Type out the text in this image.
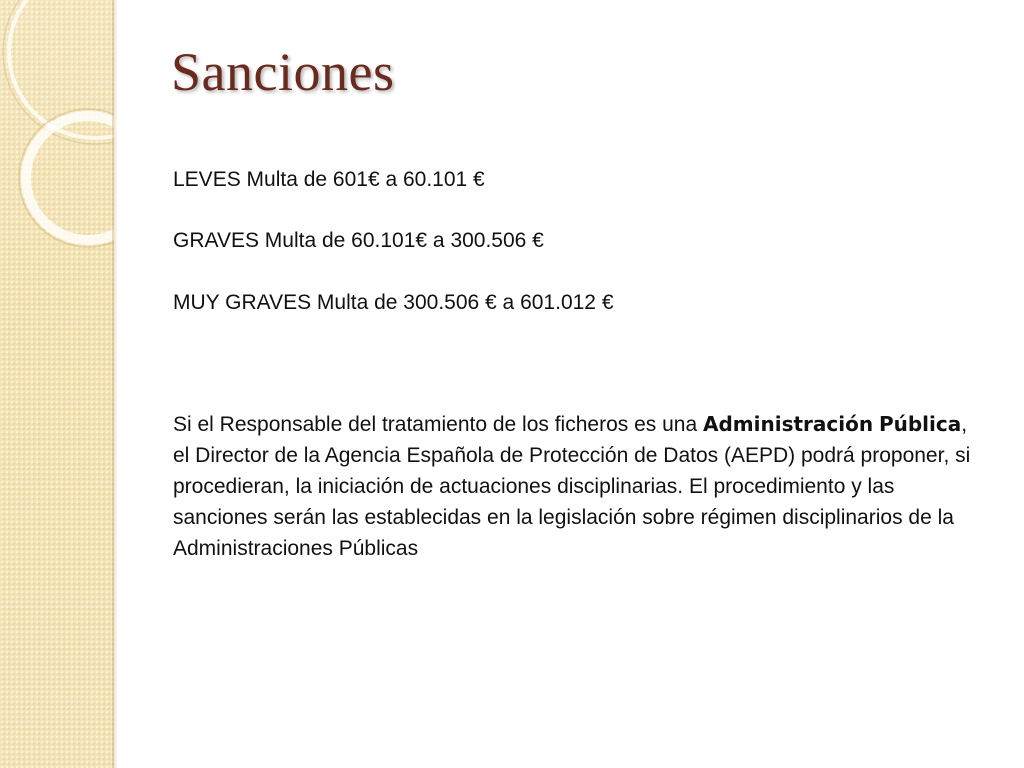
Sanciones

LEVES Multa de 601€ a 60.101 €

GRAVES Multa de 60.101€ a 300.506 €

MUY GRAVES Multa de 300.506 € a 601.012 €

Si el Responsable del tratamiento de los ficheros es una Administración Pública, el Director de la Agencia Española de Protección de Datos (AEPD) podrá proponer, si procedieran, la iniciación de actuaciones disciplinarias. El procedimiento y las sanciones serán las establecidas en la legislación sobre régimen disciplinarios de la Administraciones Públicas
